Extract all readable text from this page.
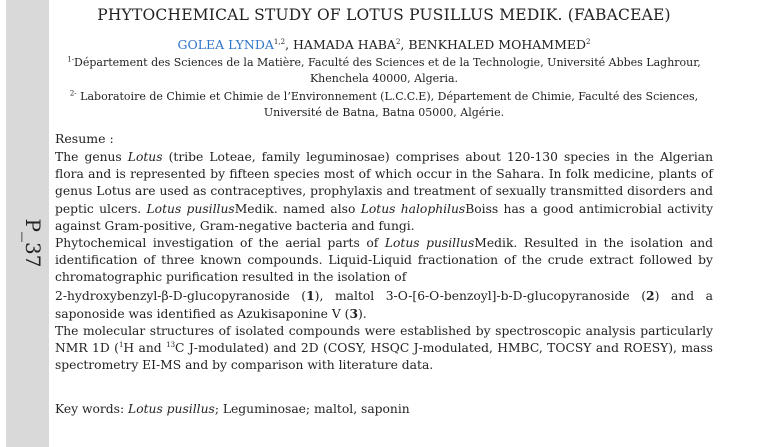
P_37
PHYTOCHEMICAL STUDY OF LOTUS PUSILLUS MEDIK. (FABACEAE)
GOLEA LYNDA$^{1,2}$, HAMADA HABA$^2$, BENKHALED MOHAMMED$^2$
$^{1-}$Département des Sciences de la Matière, Faculté des Sciences et de la Technologie, Université Abbes Laghrour, Khenchela 40000, Algeria.
$^{2-}$ Laboratoire de Chimie et Chimie de l’Environnement (L.C.C.E), Département de Chimie, Faculté des Sciences, Université de Batna, Batna 05000, Algérie.
Resume :

The genus Lotus (tribe Loteae, family leguminosae) comprises about 120-130 species in the Algerian flora and is represented by fifteen species most of which occur in the Sahara. In folk medicine, plants of genus Lotus are used as contraceptives, prophylaxis and treatment of sexually transmitted disorders and peptic ulcers. Lotus pusillusMedik. named also Lotus halophilusBoiss has a good antimicrobial activity against Gram-positive, Gram-negative bacteria and fungi.

Phytochemical investigation of the aerial parts of Lotus pusillusMedik. Resulted in the isolation and identification of three known compounds. Liquid-Liquid fractionation of the crude extract followed by chromatographic purification resulted in the isolation of

2-hydroxybenzyl-β-D-glucopyranoside (1), maltol 3-O-[6-O-benzoyl]-b-D-glucopyranoside (2) and a saponoside was identified as Azukisaponine V (3).

The molecular structures of isolated compounds were established by spectroscopic analysis particularly NMR 1D ($^1$H and $^{13}$C J-modulated) and 2D (COSY, HSQC J-modulated, HMBC, TOCSY and ROESY), mass spectrometry EI-MS and by comparison with literature data.

Key words: Lotus pusillus; Leguminosae; maltol, saponin
